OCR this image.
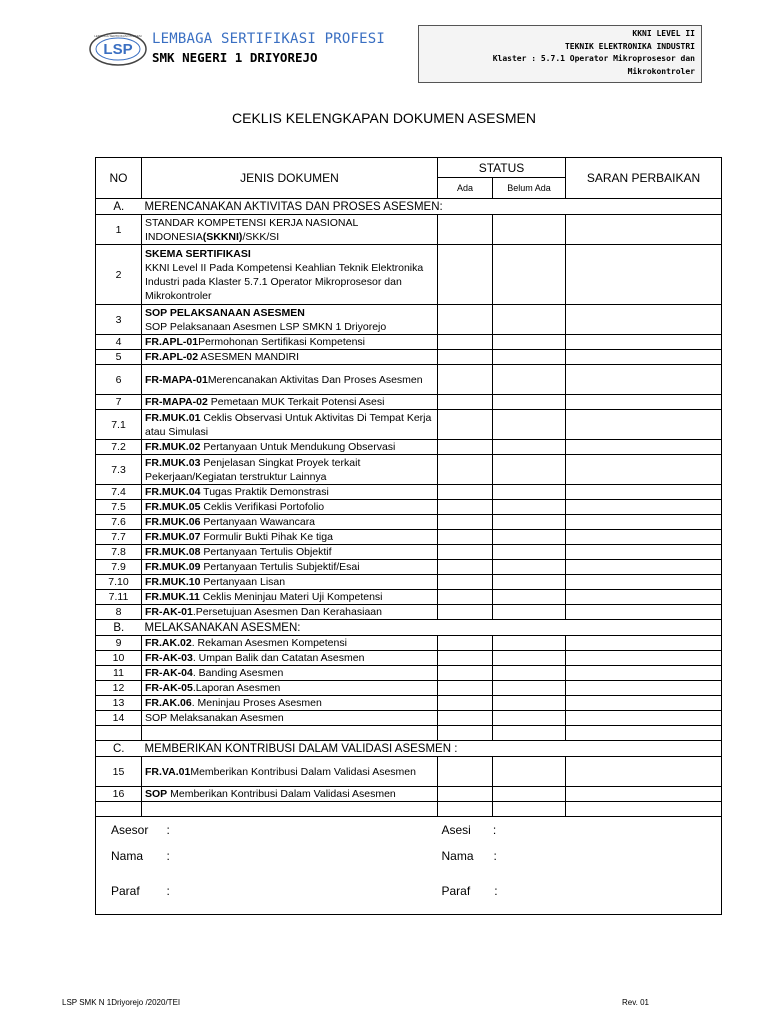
LSP
LEMBAGA SERTIFIKASI PROFESI LEMBAGA SERTIFIKASI PROFESI
SMK NEGERI 1 DRIYOREJO
KKNI LEVEL II
TEKNIK ELEKTRONIKA INDUSTRI
Klaster : 5.7.1 Operator Mikroprosesor dan
Mikrokontroler
CEKLIS KELENGKAPAN DOKUMEN ASESMEN
NO	JENIS DOKUMEN	STATUS		SARAN PERBAIKAN
		Ada	Belum Ada	
A.	MERENCANAKAN AKTIVITAS DAN PROSES ASESMEN:			
1	STANDAR KOMPETENSI KERJA NASIONAL INDONESIA(SKKNI)/SKK/SI			
2	SKEMA SERTIFIKASI
KKNI Level II Pada Kompetensi Keahlian Teknik Elektronika Industri pada Klaster 5.7.1 Operator Mikroprosesor dan Mikrokontroler			
3	SOP PELAKSANAAN ASESMEN
SOP Pelaksanaan Asesmen LSP SMKN 1 Driyorejo			
4	FR.APL-01Permohonan Sertifikasi Kompetensi			
5	FR.APL-02 ASESMEN MANDIRI			
6	FR-MAPA-01Merencanakan Aktivitas Dan Proses Asesmen			
7	FR-MAPA-02 Pemetaan MUK Terkait Potensi Asesi			
7.1	FR.MUK.01 Ceklis Observasi Untuk Aktivitas Di Tempat Kerja atau Simulasi			
7.2	FR.MUK.02 Pertanyaan Untuk Mendukung Observasi			
7.3	FR.MUK.03 Penjelasan Singkat Proyek terkait Pekerjaan/Kegiatan terstruktur Lainnya			
7.4	FR.MUK.04 Tugas Praktik Demonstrasi			
7.5	FR.MUK.05 Ceklis Verifikasi Portofolio			
7.6	FR.MUK.06 Pertanyaan Wawancara			
7.7	FR.MUK.07 Formulir Bukti Pihak Ke tiga			
7.8	FR.MUK.08 Pertanyaan Tertulis Objektif			
7.9	FR.MUK.09 Pertanyaan Tertulis Subjektif/Esai			
7.10	FR.MUK.10 Pertanyaan Lisan			
7.11	FR.MUK.11 Ceklis Meninjau Materi Uji Kompetensi			
8	FR-AK-01.Persetujuan Asesmen Dan Kerahasiaan			
B.	MELAKSANAKAN ASESMEN:			
9	FR.AK.02. Rekaman Asesmen Kompetensi			
10	FR-AK-03. Umpan Balik dan Catatan Asesmen			
11	FR-AK-04. Banding Asesmen			
12	FR-AK-05.Laporan Asesmen			
13	FR.AK.06. Meninjau Proses Asesmen			
14	SOP Melaksanakan Asesmen			

C.	MEMBERIKAN KONTRIBUSI DALAM VALIDASI ASESMEN :			
15	FR.VA.01Memberikan Kontribusi Dalam Validasi Asesmen			
16	SOP Memberikan Kontribusi Dalam Validasi Asesmen			

Asesor	:	Asesi :		
Nama	:	Nama :		
Paraf	:	Paraf :		
LSP SMK N 1Driyorejo /2020/TEI	Rev. 01
